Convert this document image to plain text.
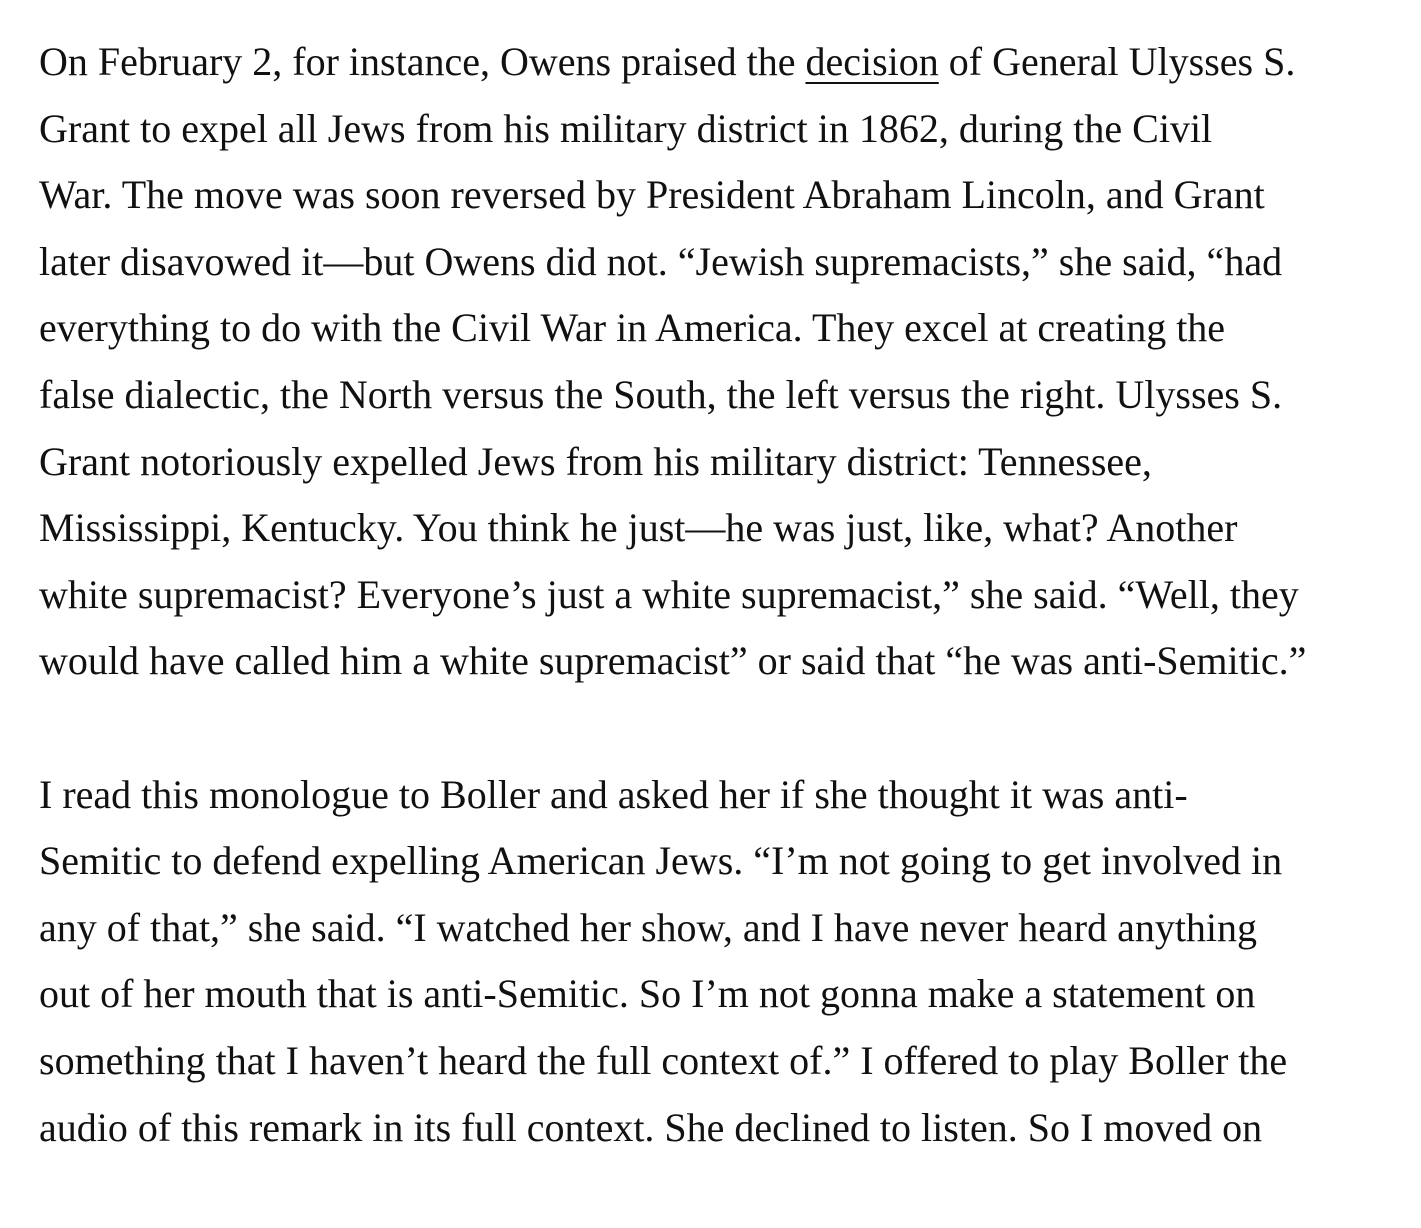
On February 2, for instance, Owens praised the decision of General Ulysses S.
Grant to expel all Jews from his military district in 1862, during the Civil
War. The move was soon reversed by President Abraham Lincoln, and Grant
later disavowed it—but Owens did not. “Jewish supremacists,” she said, “had
everything to do with the Civil War in America. They excel at creating the
false dialectic, the North versus the South, the left versus the right. Ulysses S.
Grant notoriously expelled Jews from his military district: Tennessee,
Mississippi, Kentucky. You think he just—he was just, like, what? Another
white supremacist? Everyone’s just a white supremacist,” she said. “Well, they
would have called him a white supremacist” or said that “he was anti-Semitic.”

I read this monologue to Boller and asked her if she thought it was anti-
Semitic to defend expelling American Jews. “I’m not going to get involved in
any of that,” she said. “I watched her show, and I have never heard anything
out of her mouth that is anti-Semitic. So I’m not gonna make a statement on
something that I haven’t heard the full context of.” I offered to play Boller the
audio of this remark in its full context. She declined to listen. So I moved on
